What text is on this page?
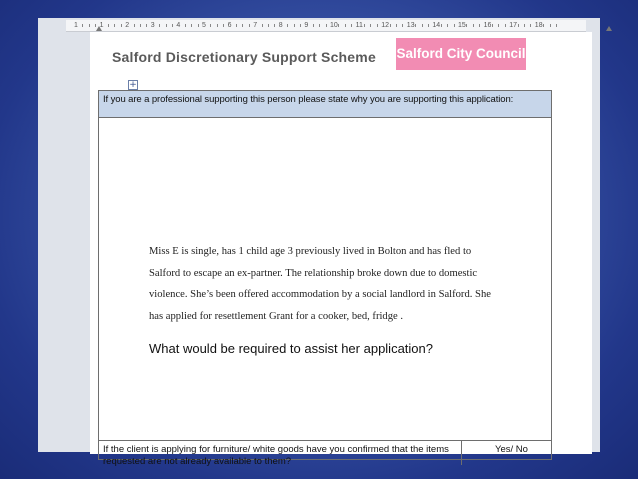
1	1	2	3	4	5	6	7	8	9	10	11	12	13	14	15	16	17	18
Salford Discretionary Support Scheme Salford City Council
+
If you are a professional supporting this person please state why you are supporting this application:
Miss E is single, has 1 child age 3 previously lived in Bolton and has fled to
Salford to escape an ex-partner. The relationship broke down due to domestic
violence. She’s been offered accommodation by a social landlord in Salford. She
has applied for resettlement Grant for a cooker, bed, fridge .
What would be required to assist her application?
If the client is applying for furniture/ white goods have you confirmed that the items requested are not already available to them?
Yes/ No
